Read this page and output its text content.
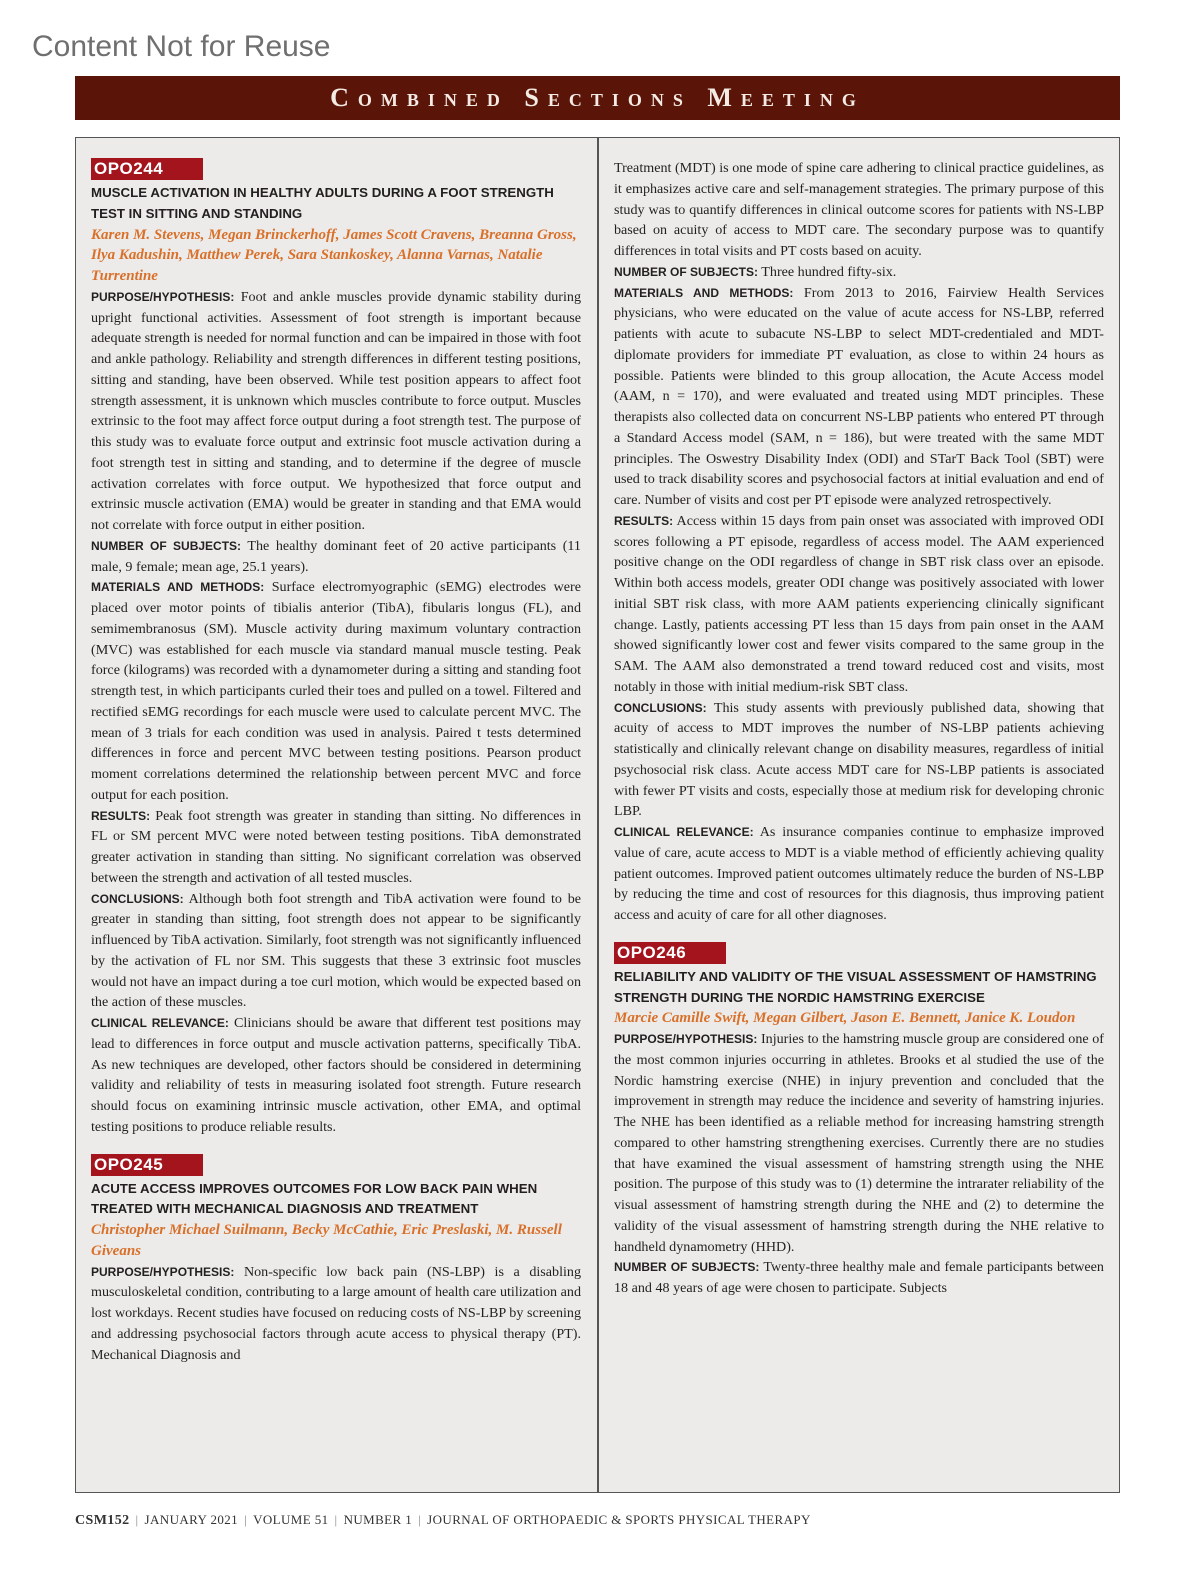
Content Not for Reuse
Combined Sections Meeting
OPO244
MUSCLE ACTIVATION IN HEALTHY ADULTS DURING A FOOT STRENGTH TEST IN SITTING AND STANDING
Karen M. Stevens, Megan Brinckerhoff, James Scott Cravens, Breanna Gross, Ilya Kadushin, Matthew Perek, Sara Stankoskey, Alanna Varnas, Natalie Turrentine

PURPOSE/HYPOTHESIS: Foot and ankle muscles provide dynamic stability during upright functional activities. Assessment of foot strength is important because adequate strength is needed for normal function and can be impaired in those with foot and ankle pathology. Reliability and strength differences in different testing positions, sitting and standing, have been observed. While test position appears to affect foot strength assessment, it is unknown which muscles contribute to force output. Muscles extrinsic to the foot may affect force output during a foot strength test. The purpose of this study was to evaluate force output and extrinsic foot muscle activation during a foot strength test in sitting and standing, and to determine if the degree of muscle activation correlates with force output. We hypothesized that force output and extrinsic muscle activation (EMA) would be greater in standing and that EMA would not correlate with force output in either position.

NUMBER OF SUBJECTS: The healthy dominant feet of 20 active participants (11 male, 9 female; mean age, 25.1 years).

MATERIALS AND METHODS: Surface electromyographic (sEMG) electrodes were placed over motor points of tibialis anterior (TibA), fibularis longus (FL), and semimembranosus (SM). Muscle activity during maximum voluntary contraction (MVC) was established for each muscle via standard manual muscle testing. Peak force (kilograms) was recorded with a dynamometer during a sitting and standing foot strength test, in which participants curled their toes and pulled on a towel. Filtered and rectified sEMG recordings for each muscle were used to calculate percent MVC. The mean of 3 trials for each condition was used in analysis. Paired t tests determined differences in force and percent MVC between testing positions. Pearson product moment correlations determined the relationship between percent MVC and force output for each position.

RESULTS: Peak foot strength was greater in standing than sitting. No differences in FL or SM percent MVC were noted between testing positions. TibA demonstrated greater activation in standing than sitting. No significant correlation was observed between the strength and activation of all tested muscles.

CONCLUSIONS: Although both foot strength and TibA activation were found to be greater in standing than sitting, foot strength does not appear to be significantly influenced by TibA activation. Similarly, foot strength was not significantly influenced by the activation of FL nor SM. This suggests that these 3 extrinsic foot muscles would not have an impact during a toe curl motion, which would be expected based on the action of these muscles.

CLINICAL RELEVANCE: Clinicians should be aware that different test positions may lead to differences in force output and muscle activation patterns, specifically TibA. As new techniques are developed, other factors should be considered in determining validity and reliability of tests in measuring isolated foot strength. Future research should focus on examining intrinsic muscle activation, other EMA, and optimal testing positions to produce reliable results.

OPO245
ACUTE ACCESS IMPROVES OUTCOMES FOR LOW BACK PAIN WHEN TREATED WITH MECHANICAL DIAGNOSIS AND TREATMENT
Christopher Michael Suilmann, Becky McCathie, Eric Preslaski, M. Russell Giveans

PURPOSE/HYPOTHESIS: Non-specific low back pain (NS-LBP) is a disabling musculoskeletal condition, contributing to a large amount of health care utilization and lost workdays. Recent studies have focused on reducing costs of NS-LBP by screening and addressing psychosocial factors through acute access to physical therapy (PT). Mechanical Diagnosis and

Treatment (MDT) is one mode of spine care adhering to clinical practice guidelines, as it emphasizes active care and self-management strategies. The primary purpose of this study was to quantify differences in clinical outcome scores for patients with NS-LBP based on acuity of access to MDT care. The secondary purpose was to quantify differences in total visits and PT costs based on acuity.

NUMBER OF SUBJECTS: Three hundred fifty-six.

MATERIALS AND METHODS: From 2013 to 2016, Fairview Health Services physicians, who were educated on the value of acute access for NS-LBP, referred patients with acute to subacute NS-LBP to select MDT-credentialed and MDT-diplomate providers for immediate PT evaluation, as close to within 24 hours as possible. Patients were blinded to this group allocation, the Acute Access model (AAM, n = 170), and were evaluated and treated using MDT principles. These therapists also collected data on concurrent NS-LBP patients who entered PT through a Standard Access model (SAM, n = 186), but were treated with the same MDT principles. The Oswestry Disability Index (ODI) and STarT Back Tool (SBT) were used to track disability scores and psychosocial factors at initial evaluation and end of care. Number of visits and cost per PT episode were analyzed retrospectively.

RESULTS: Access within 15 days from pain onset was associated with improved ODI scores following a PT episode, regardless of access model. The AAM experienced positive change on the ODI regardless of change in SBT risk class over an episode. Within both access models, greater ODI change was positively associated with lower initial SBT risk class, with more AAM patients experiencing clinically significant change. Lastly, patients accessing PT less than 15 days from pain onset in the AAM showed significantly lower cost and fewer visits compared to the same group in the SAM. The AAM also demonstrated a trend toward reduced cost and visits, most notably in those with initial medium-risk SBT class.

CONCLUSIONS: This study assents with previously published data, showing that acuity of access to MDT improves the number of NS-LBP patients achieving statistically and clinically relevant change on disability measures, regardless of initial psychosocial risk class. Acute access MDT care for NS-LBP patients is associated with fewer PT visits and costs, especially those at medium risk for developing chronic LBP.

CLINICAL RELEVANCE: As insurance companies continue to emphasize improved value of care, acute access to MDT is a viable method of efficiently achieving quality patient outcomes. Improved patient outcomes ultimately reduce the burden of NS-LBP by reducing the time and cost of resources for this diagnosis, thus improving patient access and acuity of care for all other diagnoses.

OPO246
RELIABILITY AND VALIDITY OF THE VISUAL ASSESSMENT OF HAMSTRING STRENGTH DURING THE NORDIC HAMSTRING EXERCISE
Marcie Camille Swift, Megan Gilbert, Jason E. Bennett, Janice K. Loudon

PURPOSE/HYPOTHESIS: Injuries to the hamstring muscle group are considered one of the most common injuries occurring in athletes. Brooks et al studied the use of the Nordic hamstring exercise (NHE) in injury prevention and concluded that the improvement in strength may reduce the incidence and severity of hamstring injuries. The NHE has been identified as a reliable method for increasing hamstring strength compared to other hamstring strengthening exercises. Currently there are no studies that have examined the visual assessment of hamstring strength using the NHE position. The purpose of this study was to (1) determine the intrarater reliability of the visual assessment of hamstring strength during the NHE and (2) to determine the validity of the visual assessment of hamstring strength during the NHE relative to handheld dynamometry (HHD).

NUMBER OF SUBJECTS: Twenty-three healthy male and female participants between 18 and 48 years of age were chosen to participate. Subjects

CSM152 | JANUARY 2021 | VOLUME 51 | NUMBER 1 | JOURNAL OF ORTHOPAEDIC & SPORTS PHYSICAL THERAPY
